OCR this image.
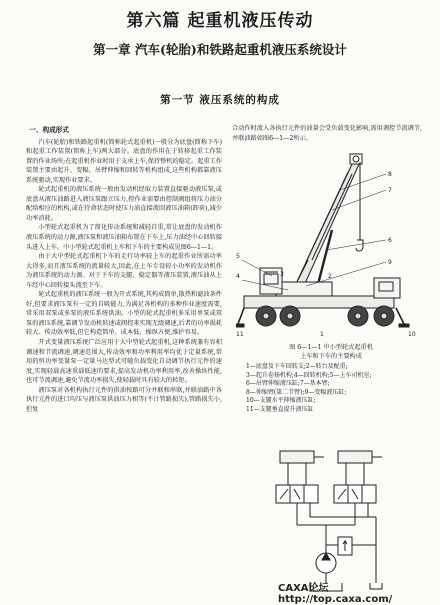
第六篇 起重机液压传动
第一章 汽车(轮胎)和铁路起重机液压系统设计
第一节 液压系统的构成
一、构成形式

汽车(轮胎)和铁路起重机(简称轮式起重机)一般分为底盘(简称下车)和起重工作装置(简称上车)两大部分。底盘的作用在于转移起重工作装置的作业场所;在起重机作业时用于支承上车,保持整机的稳定。起重工作装置主要由起升、变幅、吊臂伸缩和回转等机构组成,这些机构都靠液压系统驱动,实现作业要求。

轮式起重机的液压系统一般由发动机经取力装置直接驱动液压泵,或底盘从液压油路进入液压泵跟立压力,控作业需要由控制阀组将压力油分配给相应的机构,或在待命状态时使压力油直接流回液压油箱(卸荷),减少功率消耗。

小型轮式起重机为了简化传动系统和减轻自重,常让底盘的发动机作液压系统的动力源,液压泵和液压油箱布置在下车上,压力油经中心回转接头进入上车。中小型轮式起重机上车和下车的主要构成见图6—1—1。

由于大中型轮式起重机下车的走行功率较上车的起重作业所需功率大得多,而且液压系统的流量较大,因此,在上车专设较小功率的发动机作为液压系统的动力源。对于下车的支腿、稳定器等液压装置,液压油从上车经中心回转接头流至下车。

轮式起重机的液压系统一般为开式系统,其构成简单,散热和滤油条件好,但要求液压泵有一定的自吸能力,为满足各机构的多种作业速度需要,常采用双泵或多泵的液压系统供油。小型的轮式起重机多采用单泵或双泵的液压系统,靠调节发动机转速或阀控来实现无级调速,后者的功率损耗较大、传动效率低,但它构造简单、成本低、操纵方便,维护容易。

开式变量液压系统广泛应用于大中型轮式起重机,这种系统兼有容积调速和节流调速,调速范围大,传动效率和功率利用率均优于定量系统,常用的恒功率变量泵一定量马达型式可随负载变化自动调节执行元件的速度,实现轻载高速重载低速的要求,提高发动机功率利用率,改善操纵性能,也可节流调速,避免节流功率损失,使轻载时具有较大的转矩。

液压泵对各机构执行元件的供油按路可分并联和串联,并联油路中各执行元件的进口均压与液压泵供油压力相等(不计管路损失),管路损失小,但复

合动作时流入各执行元件的油量会受负载变化影响,需用调控节流调节,并联油路如图6—1—2所示。

8
7
6
9
5
4
11	10
1
3	2
图 6—1—1 中小型轮式起重机
上车和下车的主要构成
1—底盘及下车回转支;2—转台及配重;
3—起升卷扬机构;4—回转机构;5—上车司机室;
6—吊臂伸缩液压缸;7—基本臂;
8—伸缩臂(第二节臂);9—变幅液压缸;
10—支腿水平伸缩液压缸;
11—支腿垂直提升液压缸
CAXA论坛 http://top.caxa.com/
